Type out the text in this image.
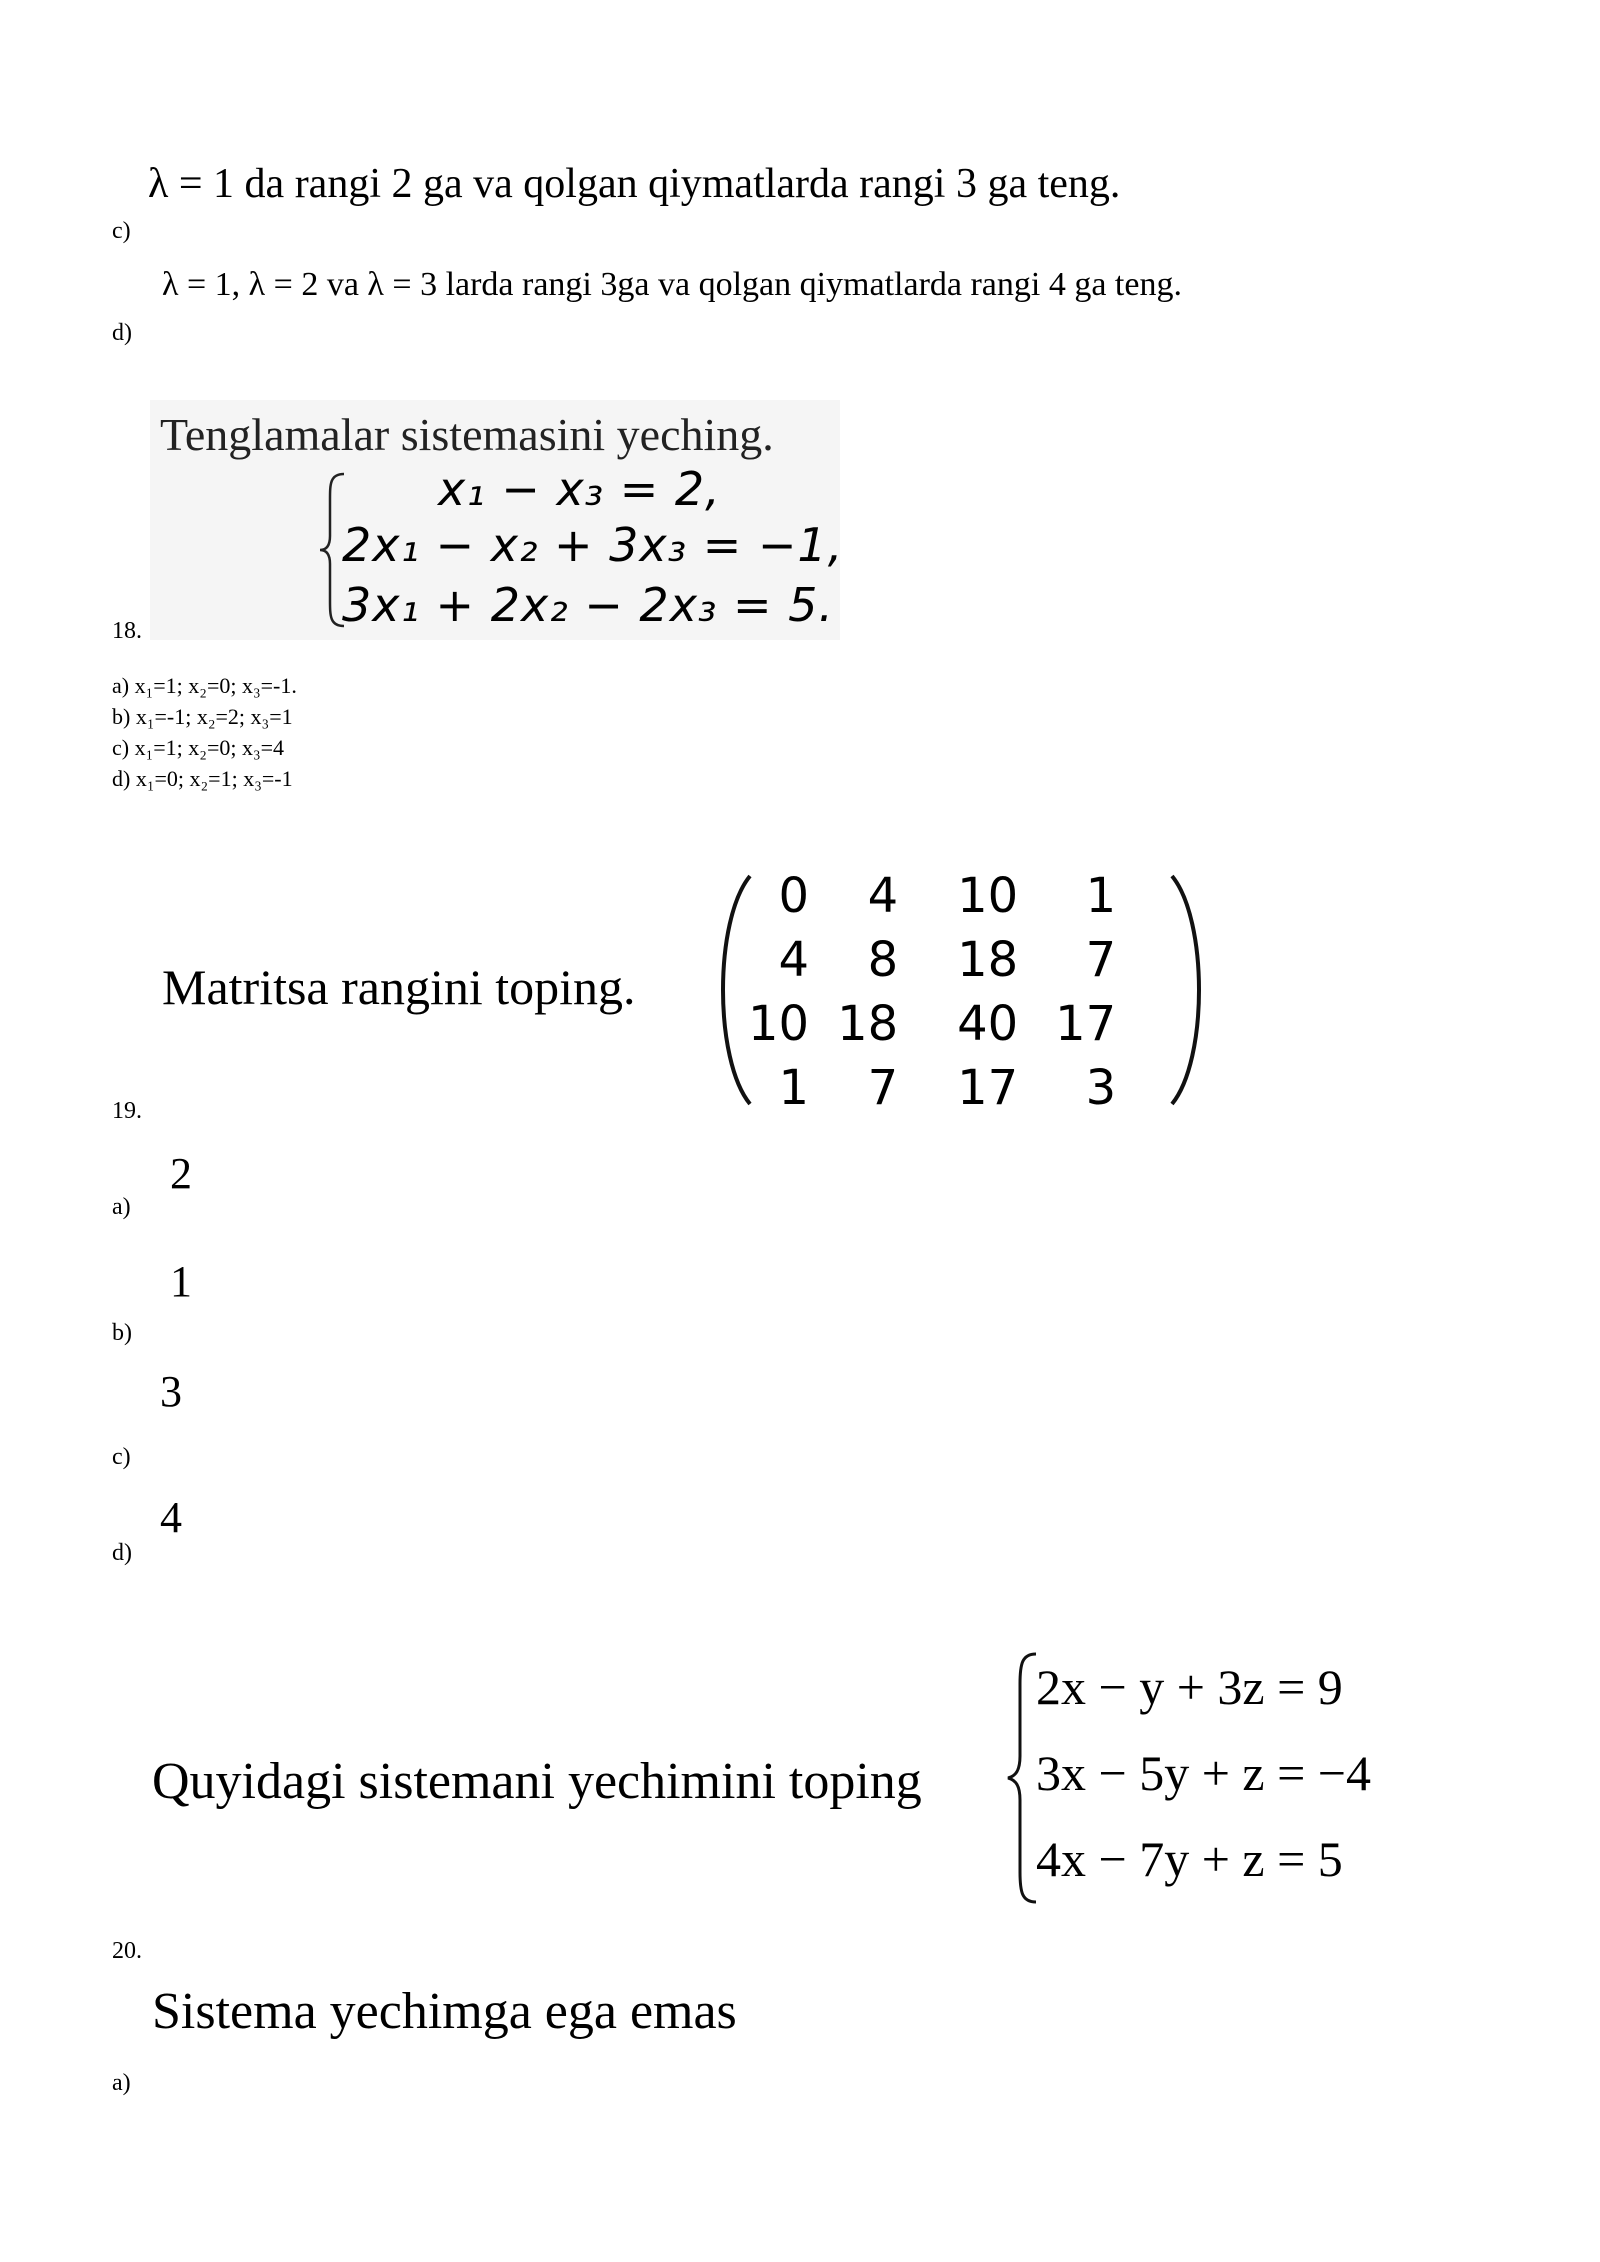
λ = 1 da rangi 2 ga va qolgan qiymatlarda rangi 3 ga teng.
c)
λ = 1, λ = 2 va λ = 3 larda rangi 3ga va qolgan qiymatlarda rangi 4 ga teng.
d)
Tenglamalar sistemasini yeching.
x₁ − x₃ = 2,
2x₁ − x₂ + 3x₃ = −1,
3x₁ + 2x₂ − 2x₃ = 5.
18.
a) x₁=1; x₂=0; x₃=-1.
b) x₁=-1; x₂=2; x₃=1
c) x₁=1; x₂=0; x₃=4
d) x₁=0; x₂=1; x₃=-1
Matritsa rangini toping.
0	4	10	1
4	8	18	7
10	18	40	17
1	7	17	3
19.
2
a)
1
b)
3
c)
4
d)
Quyidagi sistemani yechimini toping
2x − y + 3z = 9
3x − 5y + z = −4
4x − 7y + z = 5
20.
Sistema yechimga ega emas
a)
